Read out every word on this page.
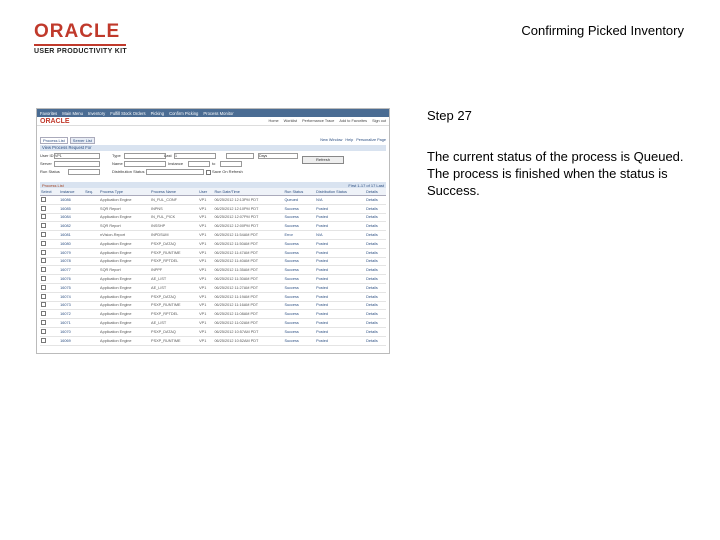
ORACLE
USER PRODUCTIVITY KIT
Confirming Picked Inventory
Step 27
The current status of the process is Queued. The process is finished when the status is Success.
Favorites Main Menu Inventory Fulfill Stock Orders Picking Confirm Picking Process Monitor
ORACLE	Home Worklist Performance Trace Add to Favorites Sign out
Process List	Server List	New Window Help Personalize Page
View Process Request For
User ID VP1	Type	Last 1	Days
Refresh
Server	Name	Instance	to
Run Status	Distribution Status	Save On Refresh
Process List	First 1-17 of 17 Last
Select	Instance	Seq.	Process Type	Process Name	User	Run Date/Time	Run Status	Distribution Status	Details
	16086		Application Engine	IN_FUL_CONF	VP1	06/25/2012 12:13PM PDT	Queued	N/A	Details
	16085		SQR Report	INPNS	VP1	06/25/2012 12:10PM PDT	Success	Posted	Details
	16084		Application Engine	IN_FUL_PICK	VP1	06/25/2012 12:07PM PDT	Success	Posted	Details
	16082		SQR Report	INSSHP	VP1	06/25/2012 12:00PM PDT	Success	Posted	Details
	16081		nVision-Report	INPDSUM	VP1	06/25/2012 11:54AM PDT	Error	N/A	Details
	16080		Application Engine	PSXP_DATAQ	VP1	06/25/2012 11:50AM PDT	Success	Posted	Details
	16079		Application Engine	PSXP_RUNTIME	VP1	06/25/2012 11:47AM PDT	Success	Posted	Details
	16078		Application Engine	PSXP_RPTDEL	VP1	06/25/2012 11:40AM PDT	Success	Posted	Details
	16077		SQR Report	INPPF	VP1	06/25/2012 11:35AM PDT	Success	Posted	Details
	16076		Application Engine	AE_LIST	VP1	06/25/2012 11:30AM PDT	Success	Posted	Details
	16075		Application Engine	AE_LIST	VP1	06/25/2012 11:27AM PDT	Success	Posted	Details
	16074		Application Engine	PSXP_DATAQ	VP1	06/25/2012 11:19AM PDT	Success	Posted	Details
	16073		Application Engine	PSXP_RUNTIME	VP1	06/25/2012 11:16AM PDT	Success	Posted	Details
	16072		Application Engine	PSXP_RPTDEL	VP1	06/25/2012 11:08AM PDT	Success	Posted	Details
	16071		Application Engine	AE_LIST	VP1	06/25/2012 11:02AM PDT	Success	Posted	Details
	16070		Application Engine	PSXP_DATAQ	VP1	06/25/2012 10:57AM PDT	Success	Posted	Details
	16069		Application Engine	PSXP_RUNTIME	VP1	06/25/2012 10:52AM PDT	Success	Posted	Details
